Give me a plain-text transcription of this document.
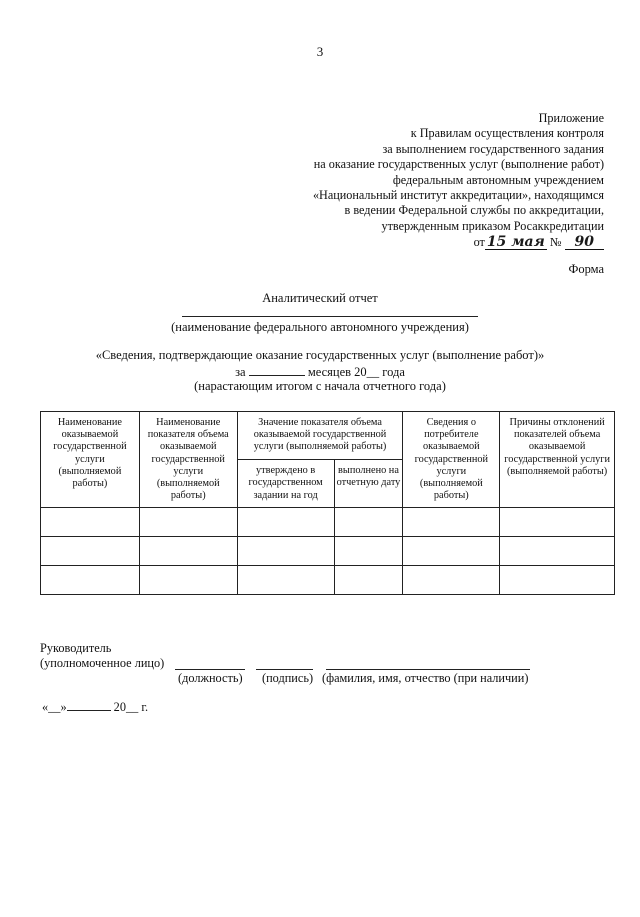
3
Приложение
к Правилам осуществления контроля
за выполнением государственного задания
на оказание государственных услуг (выполнение работ)
федеральным автономным учреждением
«Национальный институт аккредитации», находящимся
в ведении Федеральной службы по аккредитации,
утвержденным приказом Росаккредитации
от 15 мая № 90
Форма
Аналитический отчет
(наименование федерального автономного учреждения)
«Сведения, подтверждающие оказание государственных услуг (выполнение работ)»
за	месяцев 20__ года
(нарастающим итогом с начала отчетного года)
Наименование оказываемой государственной услуги (выполняемой работы)	Наименование показателя объема оказываемой государственной услуги (выполняемой работы)	Значение показателя объема оказываемой государственной услуги (выполняемой работы)		Сведения о потребителе оказываемой государственной услуги (выполняемой работы)	Причины отклонений показателей объема оказываемой государственной услуги (выполняемой работы)
		утверждено в государственном задании на год	выполнено на отчетную дату		

Руководитель
(уполномоченное лицо)
(должность) (подпись) (фамилия, имя, отчество (при наличии)
«__»	20__ г.
